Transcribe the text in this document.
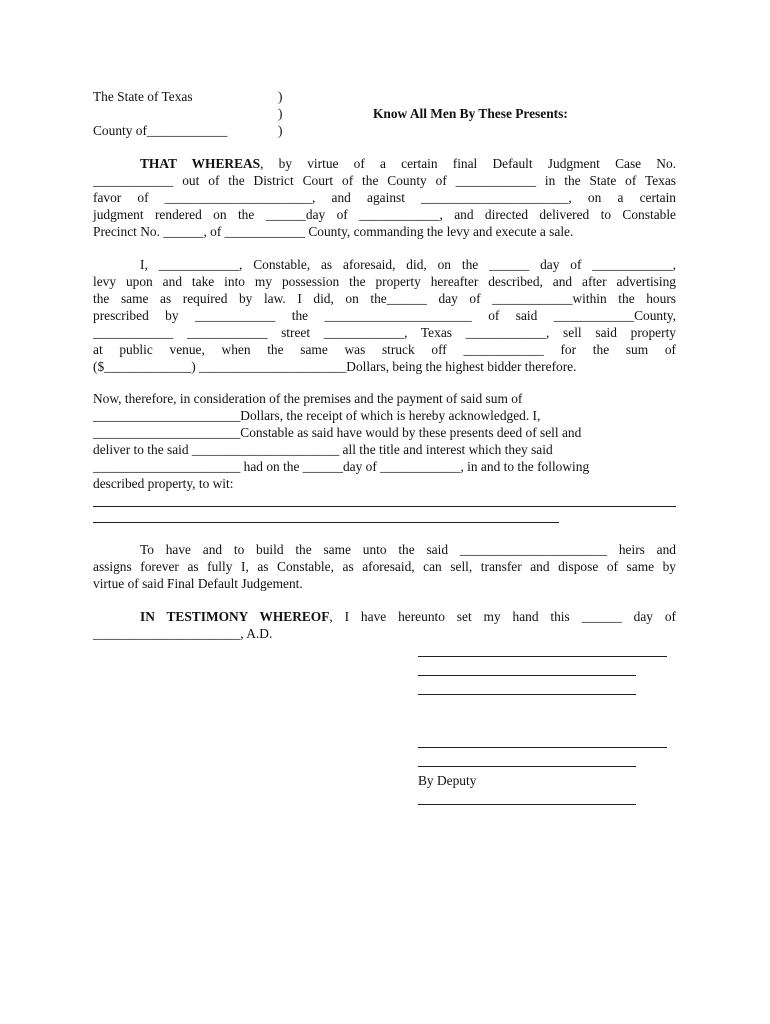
The State of Texas
County of____________
)
)
)
Know All Men By These Presents:
THAT WHEREAS, by virtue of a certain final Default Judgment Case No.
____________ out of the District Court of the County of ____________ in the State of Texas
favor of ______________________, and against ______________________, on a certain
judgment rendered on the ______day of ____________, and directed delivered to Constable
Precinct No. ______, of ____________ County, commanding the levy and execute a sale.
I, ____________, Constable, as aforesaid, did, on the ______ day of ____________,
levy upon and take into my possession the property hereafter described, and after advertising
the same as required by law. I did, on the______ day of ____________within the hours
prescribed by ____________ the ______________________ of said ____________County,
____________ ____________ street ____________, Texas ____________, sell said property
at public venue, when the same was struck off ____________ for the sum of
($_____________) ______________________Dollars, being the highest bidder therefore.
Now, therefore, in consideration of the premises and the payment of said sum of
______________________Dollars, the receipt of which is hereby acknowledged. I,
______________________Constable as said have would by these presents deed of sell and
deliver to the said ______________________ all the title and interest which they said
______________________ had on the ______day of ____________, in and to the following
described property, to wit:
To have and to build the same unto the said ______________________ heirs and
assigns forever as fully I, as Constable, as aforesaid, can sell, transfer and dispose of same by
virtue of said Final Default Judgement.
IN TESTIMONY WHEREOF, I have hereunto set my hand this ______ day of
______________________, A.D.
By Deputy
